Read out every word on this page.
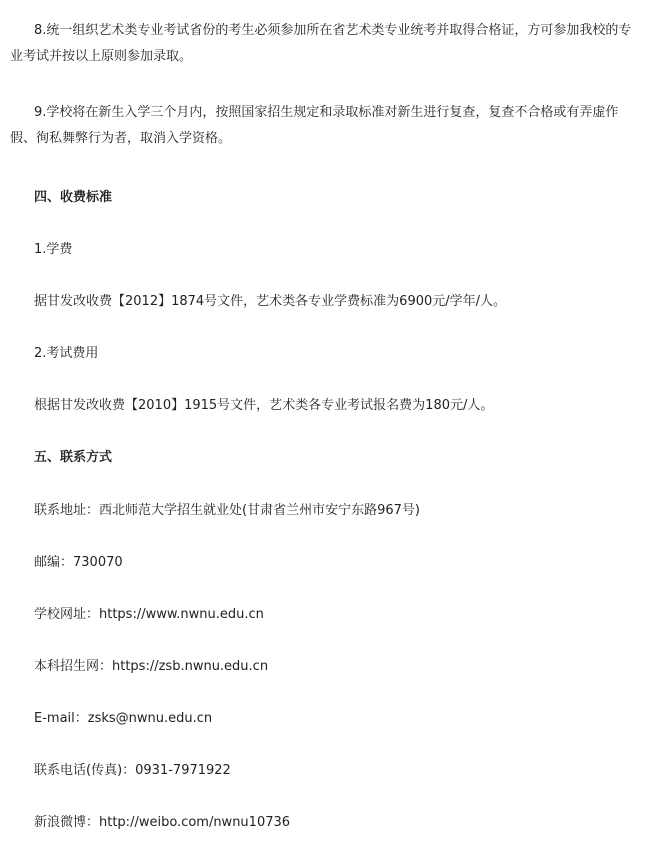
8.统一组织艺术类专业考试省份的考生必须参加所在省艺术类专业统考并取得合格证，方可参加我校的专业考试并按以上原则参加录取。

9.学校将在新生入学三个月内，按照国家招生规定和录取标准对新生进行复查，复查不合格或有弄虚作假、徇私舞弊行为者，取消入学资格。

四、收费标准

1.学费

据甘发改收费【2012】1874号文件，艺术类各专业学费标准为6900元/学年/人。

2.考试费用

根据甘发改收费【2010】1915号文件，艺术类各专业考试报名费为180元/人。

五、联系方式

联系地址：西北师范大学招生就业处(甘肃省兰州市安宁东路967号)

邮编：730070

学校网址：https://www.nwnu.edu.cn

本科招生网：https://zsb.nwnu.edu.cn

E-mail：zsks@nwnu.edu.cn

联系电话(传真)：0931-7971922

新浪微博：http://weibo.com/nwnu10736
